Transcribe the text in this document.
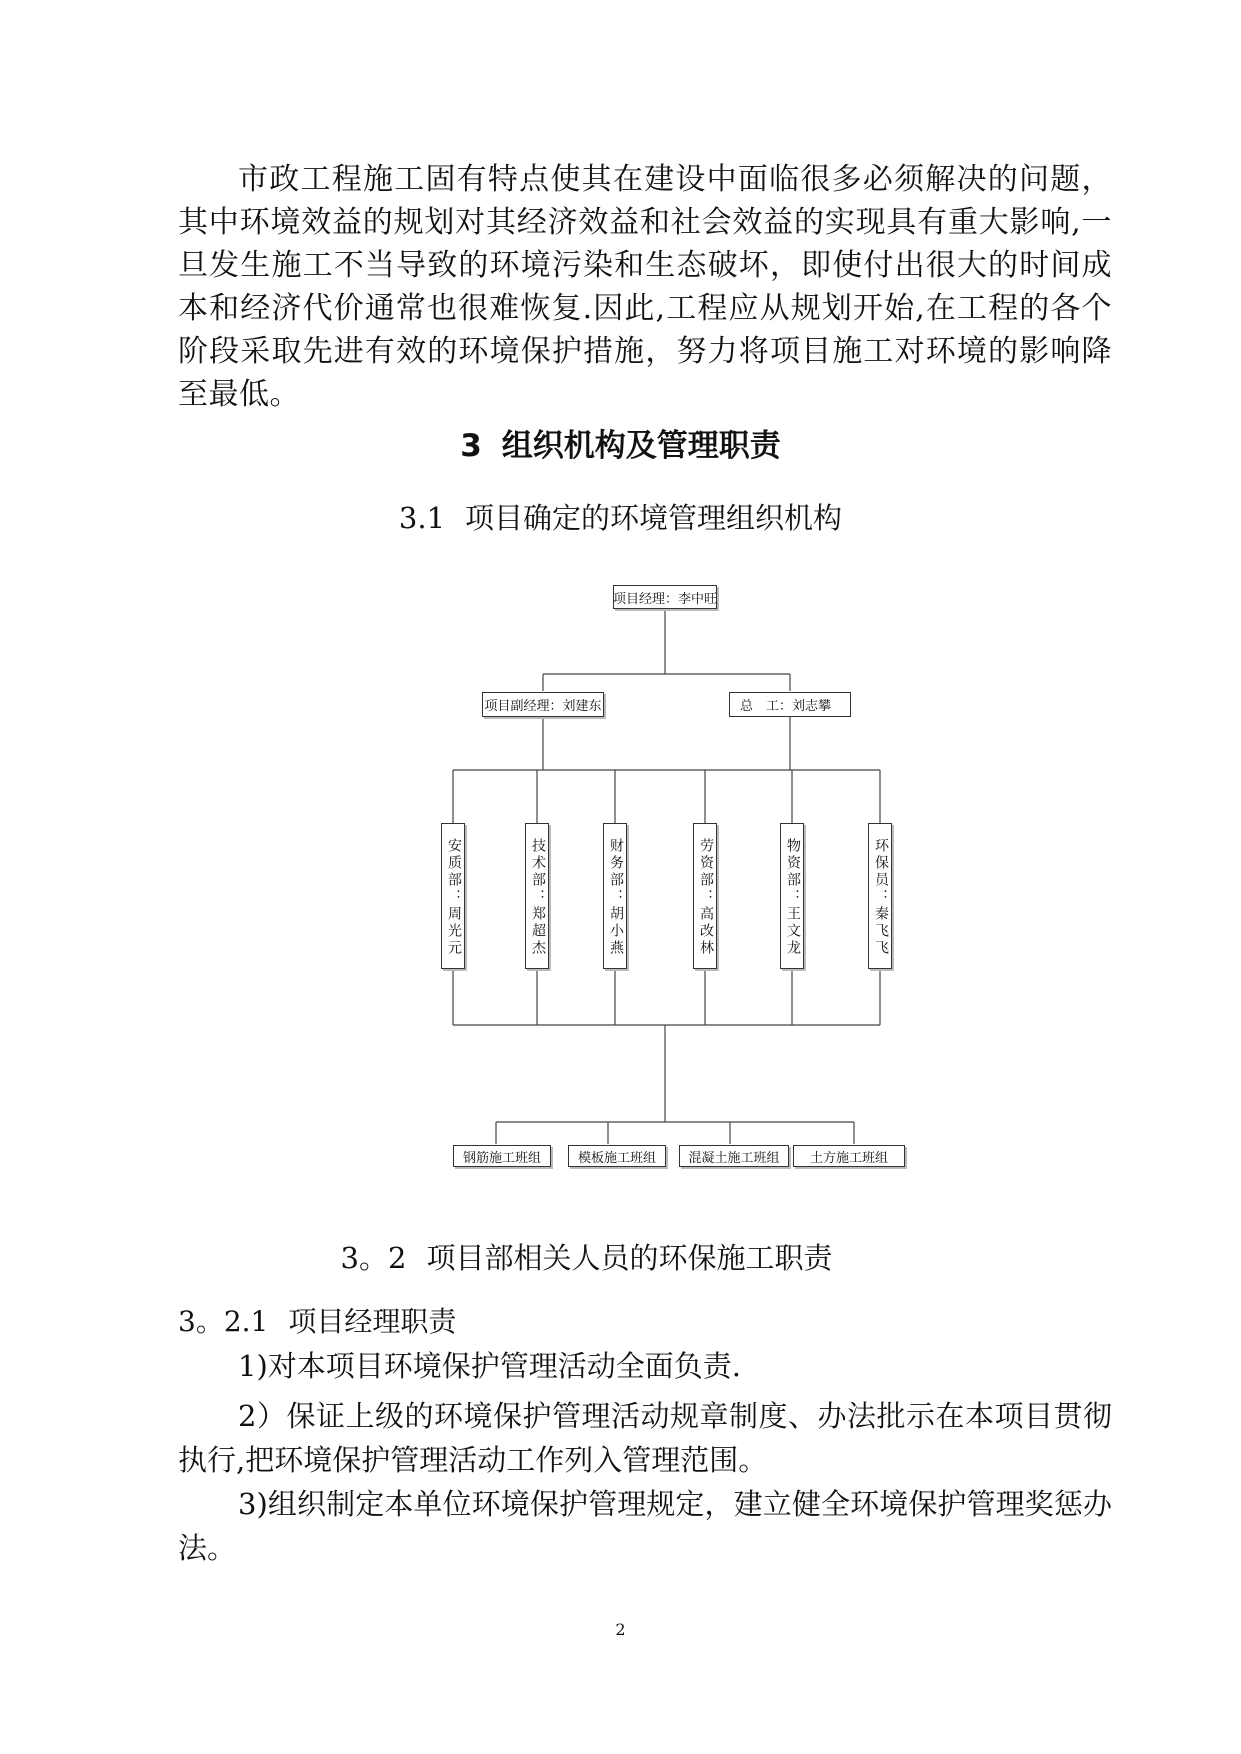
市政工程施工固有特点使其在建设中面临很多必须解决的问题，其中环境效益的规划对其经济效益和社会效益的实现具有重大影响,一旦发生施工不当导致的环境污染和生态破坏，即使付出很大的时间成本和经济代价通常也很难恢复.因此,工程应从规划开始,在工程的各个阶段采取先进有效的环境保护措施，努力将项目施工对环境的影响降至最低。

3 组织机构及管理职责
3.1 项目确定的环境管理组织机构
项目经理：李中旺
项目副经理：刘建东	总　工：刘志攀
安质部：周光元	技术部：郑超杰	财务部：胡小燕	劳资部：高改林	物资部：王文龙	环保员：秦飞飞
钢筋施工班组	模板施工班组	混凝土施工班组	土方施工班组
3。2 项目部相关人员的环保施工职责
3。2.1 项目经理职责

1)对本项目环境保护管理活动全面负责.

2）保证上级的环境保护管理活动规章制度、办法批示在本项目贯彻执行,把环境保护管理活动工作列入管理范围。

3)组织制定本单位环境保护管理规定，建立健全环境保护管理奖惩办法。

2
